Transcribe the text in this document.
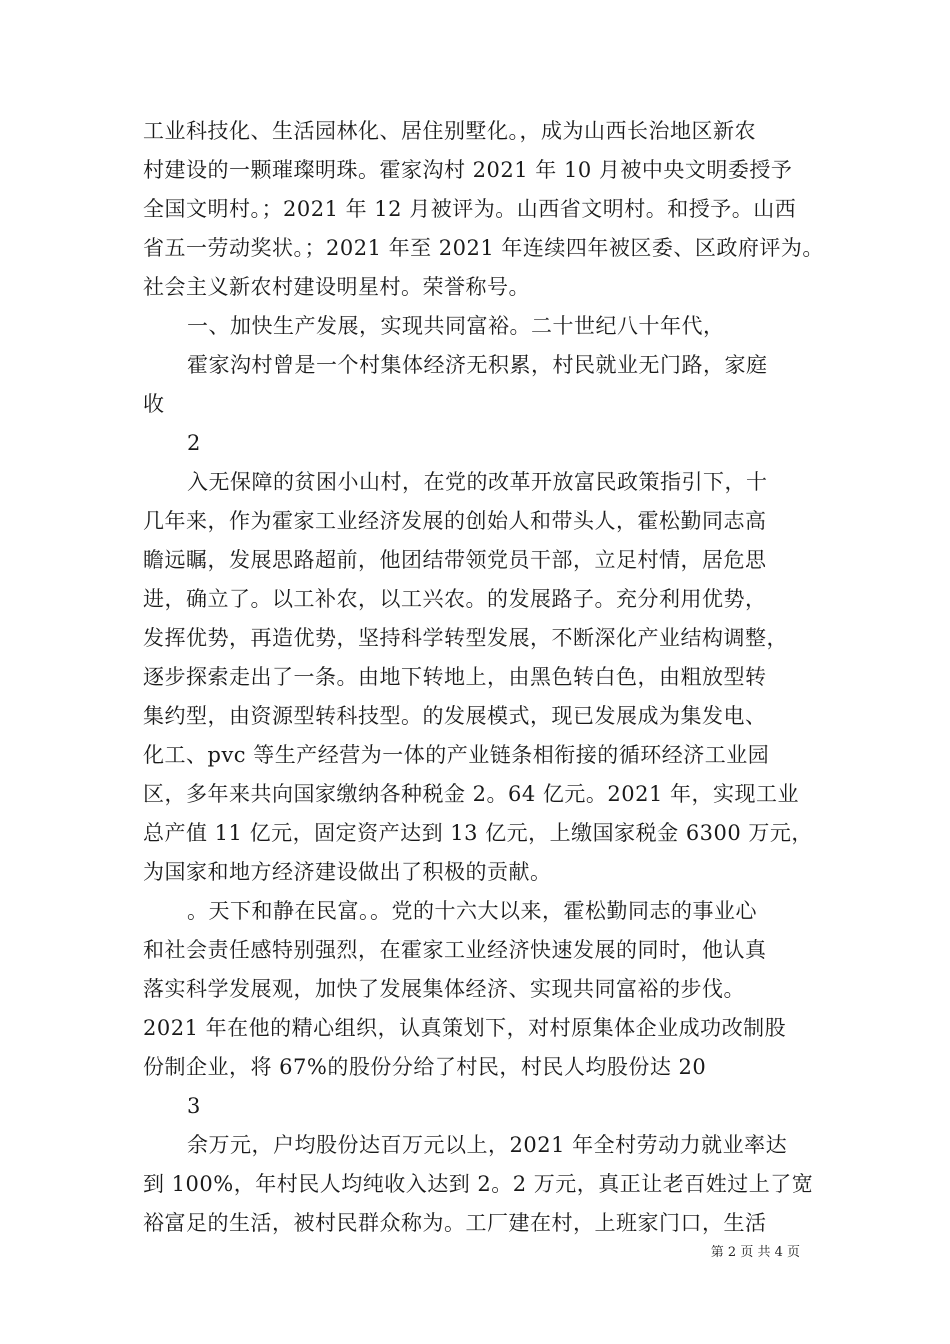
工业科技化、生活园林化、居住别墅化。，成为山西长治地区新农
村建设的一颗璀璨明珠。霍家沟村 2021 年 10 月被中央文明委授予
全国文明村。；2021 年 12 月被评为。山西省文明村。和授予。山西
省五一劳动奖状。；2021 年至 2021 年连续四年被区委、区政府评为。
社会主义新农村建设明星村。荣誉称号。
一、加快生产发展，实现共同富裕。二十世纪八十年代，
霍家沟村曾是一个村集体经济无积累，村民就业无门路，家庭
收
2
入无保障的贫困小山村，在党的改革开放富民政策指引下，十
几年来，作为霍家工业经济发展的创始人和带头人，霍松勤同志高
瞻远瞩，发展思路超前，他团结带领党员干部，立足村情，居危思
进，确立了。以工补农，以工兴农。的发展路子。充分利用优势，
发挥优势，再造优势，坚持科学转型发展，不断深化产业结构调整，
逐步探索走出了一条。由地下转地上，由黑色转白色，由粗放型转
集约型，由资源型转科技型。的发展模式，现已发展成为集发电、
化工、pvc 等生产经营为一体的产业链条相衔接的循环经济工业园
区，多年来共向国家缴纳各种税金 2。64 亿元。2021 年，实现工业
总产值 11 亿元，固定资产达到 13 亿元，上缴国家税金 6300 万元，
为国家和地方经济建设做出了积极的贡献。
。天下和静在民富。。党的十六大以来，霍松勤同志的事业心
和社会责任感特别强烈，在霍家工业经济快速发展的同时，他认真
落实科学发展观，加快了发展集体经济、实现共同富裕的步伐。
2021 年在他的精心组织，认真策划下，对村原集体企业成功改制股
份制企业，将 67%的股份分给了村民，村民人均股份达 20
3
余万元，户均股份达百万元以上，2021 年全村劳动力就业率达
到 100%，年村民人均纯收入达到 2。2 万元，真正让老百姓过上了宽
裕富足的生活，被村民群众称为。工厂建在村，上班家门口，生活
第 2 页 共 4 页
